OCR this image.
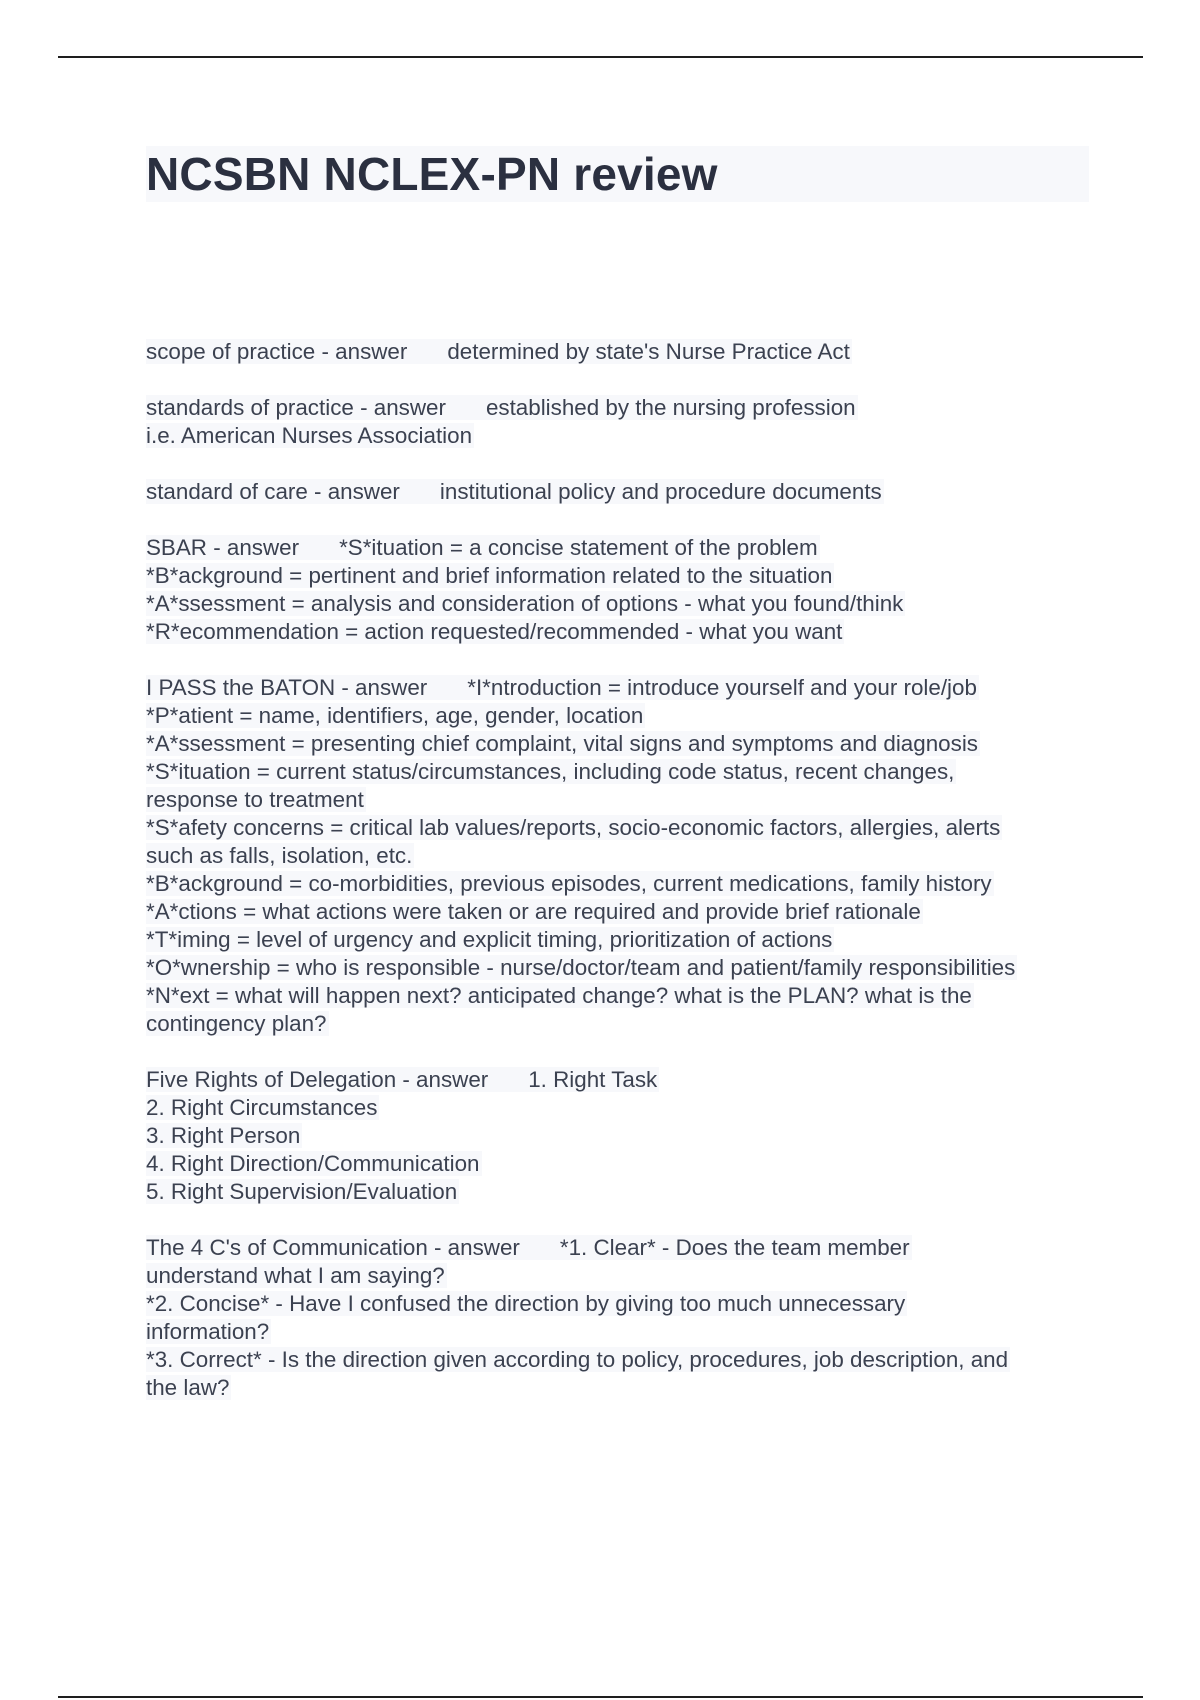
NCSBN NCLEX-PN review
scope of practice - answer determined by state's Nurse Practice Act
standards of practice - answer established by the nursing profession
i.e. American Nurses Association
standard of care - answer institutional policy and procedure documents
SBAR - answer *S*ituation = a concise statement of the problem
*B*ackground = pertinent and brief information related to the situation
*A*ssessment = analysis and consideration of options - what you found/think
*R*ecommendation = action requested/recommended - what you want
I PASS the BATON - answer *I*ntroduction = introduce yourself and your role/job
*P*atient = name, identifiers, age, gender, location
*A*ssessment = presenting chief complaint, vital signs and symptoms and diagnosis
*S*ituation = current status/circumstances, including code status, recent changes,
response to treatment
*S*afety concerns = critical lab values/reports, socio-economic factors, allergies, alerts
such as falls, isolation, etc.
*B*ackground = co-morbidities, previous episodes, current medications, family history
*A*ctions = what actions were taken or are required and provide brief rationale
*T*iming = level of urgency and explicit timing, prioritization of actions
*O*wnership = who is responsible - nurse/doctor/team and patient/family responsibilities
*N*ext = what will happen next? anticipated change? what is the PLAN? what is the
contingency plan?
Five Rights of Delegation - answer 1. Right Task
2. Right Circumstances
3. Right Person
4. Right Direction/Communication
5. Right Supervision/Evaluation
The 4 C's of Communication - answer *1. Clear* - Does the team member
understand what I am saying?
*2. Concise* - Have I confused the direction by giving too much unnecessary
information?
*3. Correct* - Is the direction given according to policy, procedures, job description, and
the law?
